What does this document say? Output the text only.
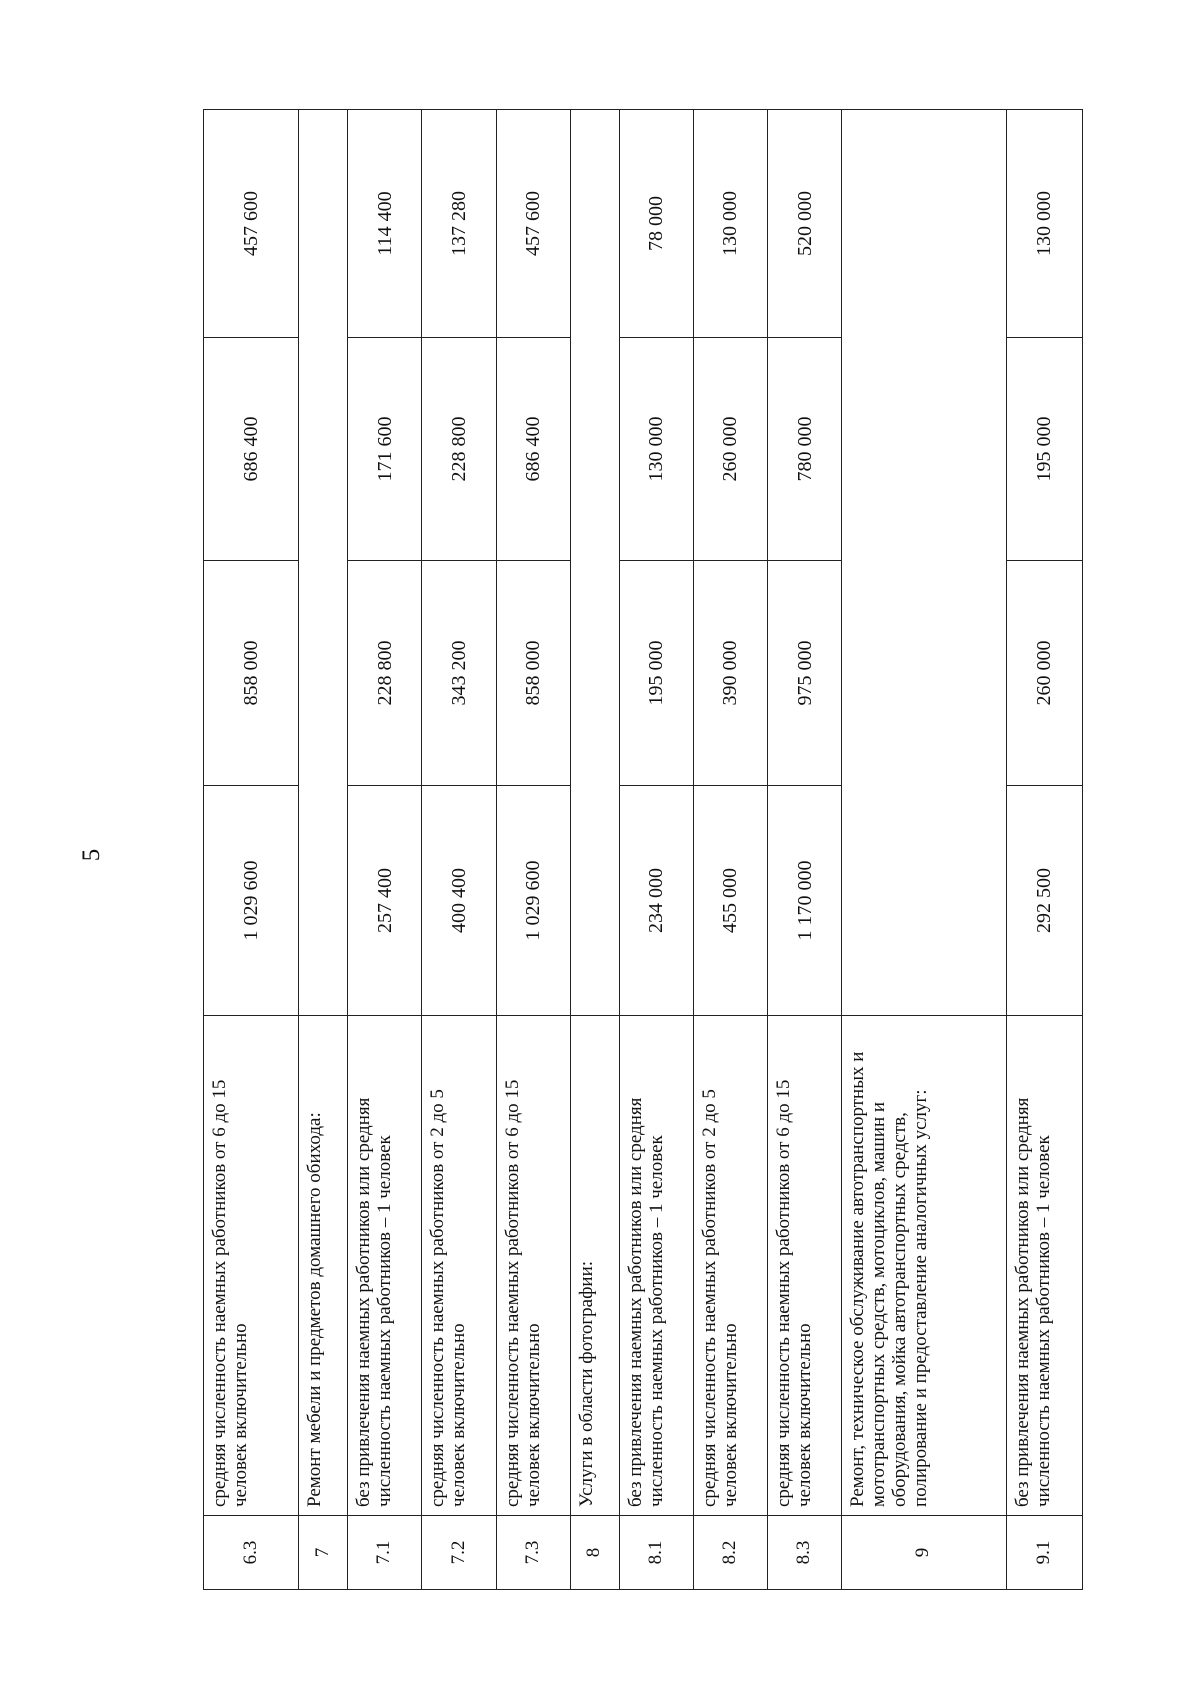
5
6.3	средняя численность наемных работников от 6 до 15 человек включительно	1 029 600	858 000	686 400	457 600
7	Ремонт мебели и предметов домашнего обихода:				
7.1	без привлечения наемных работников или средняя численность наемных работников – 1 человек	257 400	228 800	171 600	114 400
7.2	средняя численность наемных работников от 2 до 5 человек включительно	400 400	343 200	228 800	137 280
7.3	средняя численность наемных работников от 6 до 15 человек включительно	1 029 600	858 000	686 400	457 600
8	Услуги в области фотографии:				
8.1	без привлечения наемных работников или средняя численность наемных работников – 1 человек	234 000	195 000	130 000	78 000
8.2	средняя численность наемных работников от 2 до 5 человек включительно	455 000	390 000	260 000	130 000
8.3	средняя численность наемных работников от 6 до 15 человек включительно	1 170 000	975 000	780 000	520 000
9	Ремонт, техническое обслуживание автотранспортных и мототранспортных средств, мотоциклов, машин и оборудования, мойка автотранспортных средств, полирование и предоставление аналогичных услуг:				
9.1	без привлечения наемных работников или средняя численность наемных работников – 1 человек	292 500	260 000	195 000	130 000
